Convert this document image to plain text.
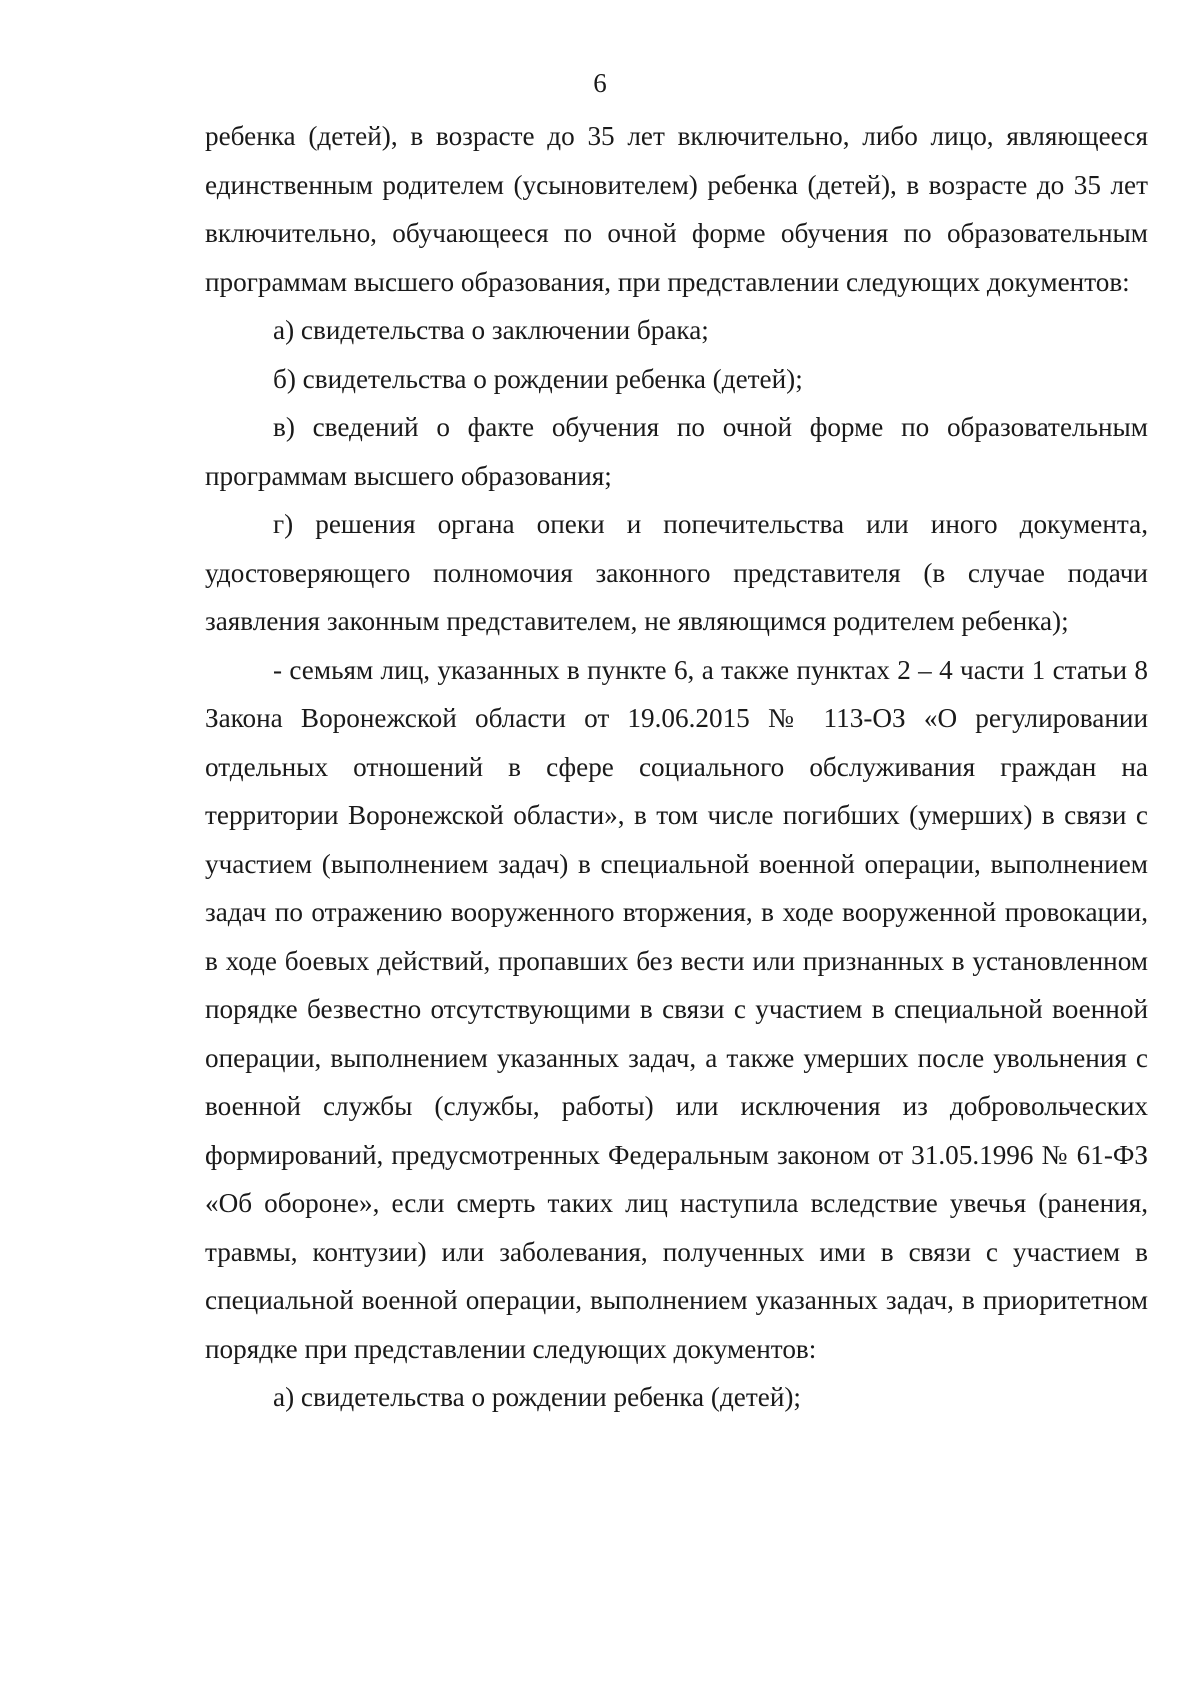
6

ребенка (детей), в возрасте до 35 лет включительно, либо лицо, являющееся единственным родителем (усыновителем) ребенка (детей), в возрасте до 35 лет включительно, обучающееся по очной форме обучения по образовательным программам высшего образования, при представлении следующих документов:

а) свидетельства о заключении брака;

б) свидетельства о рождении ребенка (детей);

в) сведений о факте обучения по очной форме по образовательным программам высшего образования;

г) решения органа опеки и попечительства или иного документа, удостоверяющего полномочия законного представителя (в случае подачи заявления законным представителем, не являющимся родителем ребенка);

- семьям лиц, указанных в пункте 6, а также пунктах 2 – 4 части 1 статьи 8 Закона Воронежской области от 19.06.2015 № 113-ОЗ «О регулировании отдельных отношений в сфере социального обслуживания граждан на территории Воронежской области», в том числе погибших (умерших) в связи с участием (выполнением задач) в специальной военной операции, выполнением задач по отражению вооруженного вторжения, в ходе вооруженной провокации, в ходе боевых действий, пропавших без вести или признанных в установленном порядке безвестно отсутствующими в связи с участием в специальной военной операции, выполнением указанных задач, а также умерших после увольнения с военной службы (службы, работы) или исключения из добровольческих формирований, предусмотренных Федеральным законом от 31.05.1996 № 61-ФЗ «Об обороне», если смерть таких лиц наступила вследствие увечья (ранения, травмы, контузии) или заболевания, полученных ими в связи с участием в специальной военной операции, выполнением указанных задач, в приоритетном порядке при представлении следующих документов:

а) свидетельства о рождении ребенка (детей);
